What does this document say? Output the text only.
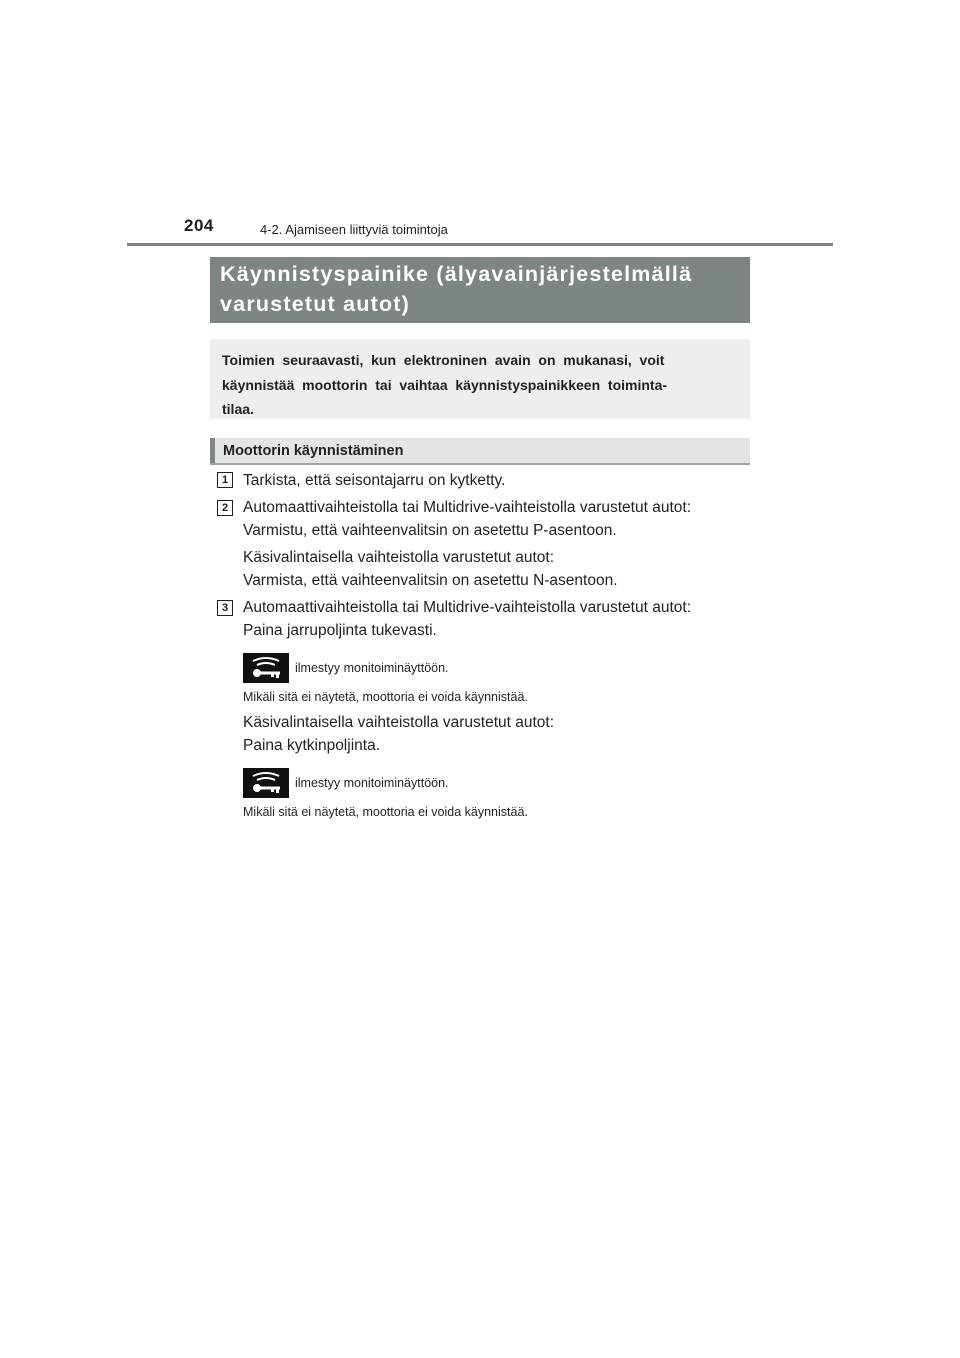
204	4-2. Ajamiseen liittyviä toimintoja
Käynnistyspainike (älyavainjärjestelmällä
varustetut autot)
Toimien  seuraavasti,  kun  elektroninen  avain  on  mukanasi,  voit
käynnistää  moottorin  tai  vaihtaa  käynnistyspainikkeen  toiminta-
tilaa.
Moottorin käynnistäminen
1 Tarkista, että seisontajarru on kytketty.
2 Automaattivaihteistolla tai Multidrive-vaihteistolla varustetut autot:
Varmistu, että vaihteenvalitsin on asetettu P-asentoon.
Käsivalintaisella vaihteistolla varustetut autot:
Varmista, että vaihteenvalitsin on asetettu N-asentoon.
3 Automaattivaihteistolla tai Multidrive-vaihteistolla varustetut autot:
Paina jarrupoljinta tukevasti.
ilmestyy monitoiminäyttöön.
Mikäli sitä ei näytetä, moottoria ei voida käynnistää.
Käsivalintaisella vaihteistolla varustetut autot:
Paina kytkinpoljinta.
ilmestyy monitoiminäyttöön.
Mikäli sitä ei näytetä, moottoria ei voida käynnistää.
